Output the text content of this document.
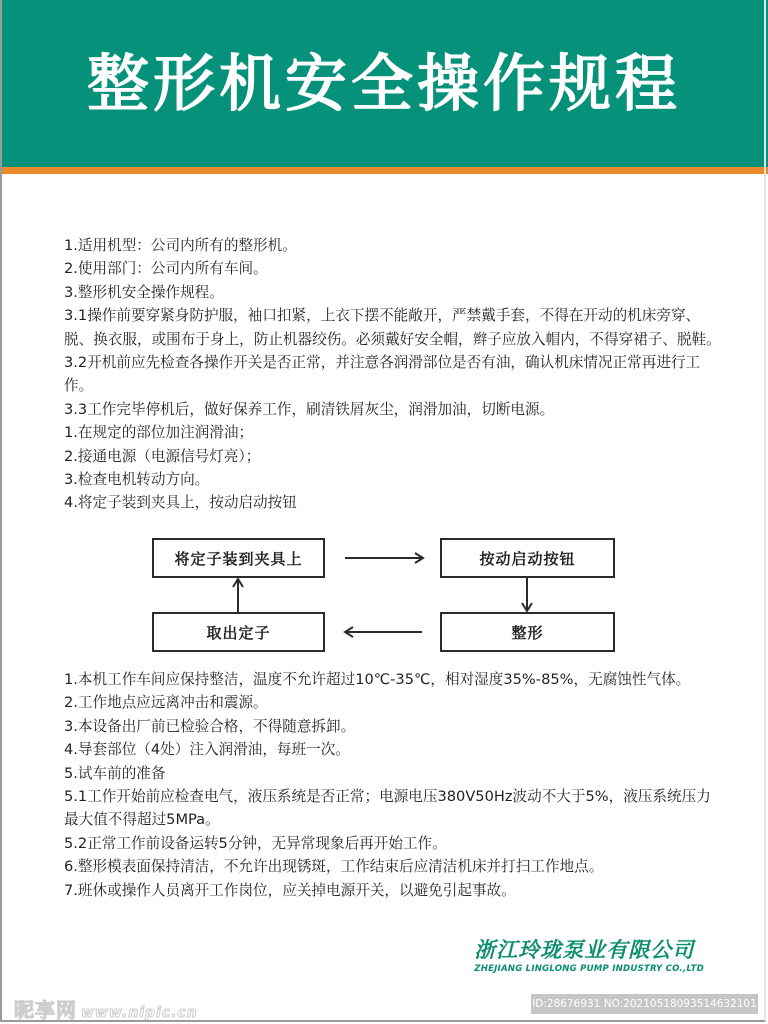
整形机安全操作规程

1.适用机型：公司内所有的整形机。

2.使用部门：公司内所有车间。

3.整形机安全操作规程。

3.1操作前要穿紧身防护服，袖口扣紧，上衣下摆不能敞开，严禁戴手套，不得在开动的机床旁穿、脱、换衣服，或围布于身上，防止机器绞伤。必须戴好安全帽，辫子应放入帽内，不得穿裙子、脱鞋。

3.2开机前应先检查各操作开关是否正常，并注意各润滑部位是否有油，确认机床情况正常再进行工作。

3.3工作完毕停机后，做好保养工作，刷清铁屑灰尘，润滑加油，切断电源。

1.在规定的部位加注润滑油；

2.接通电源（电源信号灯亮）；

3.检查电机转动方向。

4.将定子装到夹具上，按动启动按钮

将定子装到夹具上	按动启动按钮
整形
取出定子

1.本机工作车间应保持整洁，温度不允许超过10℃-35℃，相对湿度35%-85%，无腐蚀性气体。

2.工作地点应远离冲击和震源。

3.本设备出厂前已检验合格，不得随意拆卸。

4.导套部位（4处）注入润滑油，每班一次。

5.试车前的准备

5.1工作开始前应检查电气，液压系统是否正常；电源电压380V50Hz波动不大于5%，液压系统压力最大值不得超过5MPa。

5.2正常工作前设备运转5分钟，无异常现象后再开始工作。

6.整形模表面保持清洁，不允许出现锈斑，工作结束后应清洁机床并打扫工作地点。

7.班休或操作人员离开工作岗位，应关掉电源开关，以避免引起事故。

浙江玲珑泵业有限公司
ZHEJIANG LINGLONG PUMP INDUSTRY CO.,LTD
昵享网 www.nipic.cn
ID:28676931 NO:20210518093514632101
